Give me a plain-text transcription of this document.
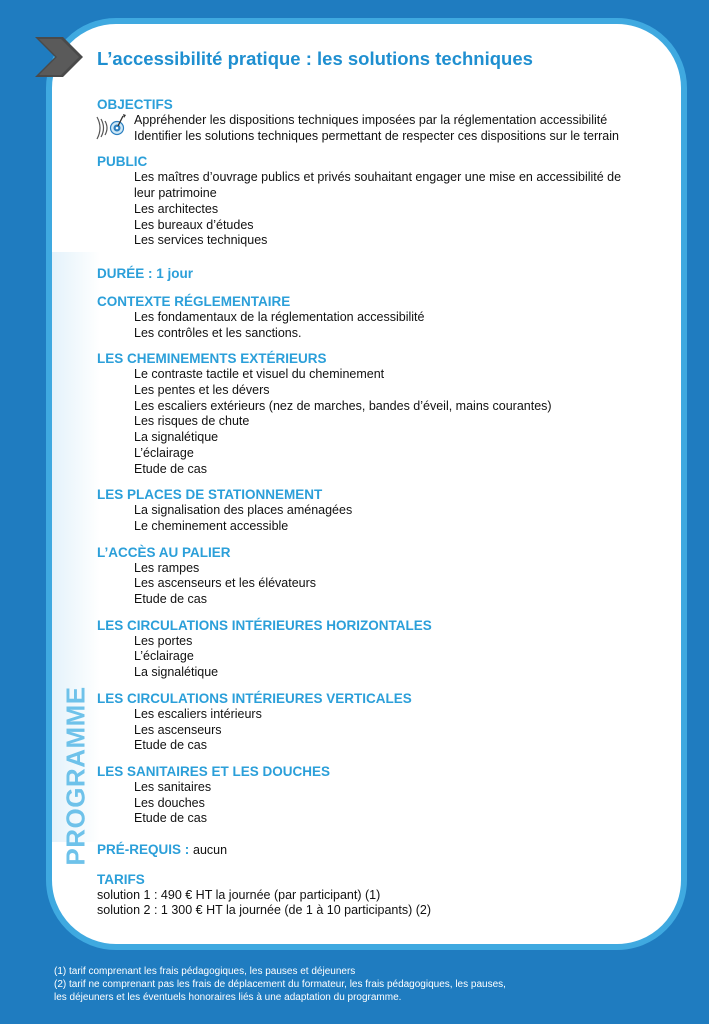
PROGRAMME
L’accessibilité pratique : les solutions techniques
OBJECTIFS
Appréhender les dispositions techniques imposées par la réglementation accessibilité
Identifier les solutions techniques permettant de respecter ces dispositions sur le terrain
PUBLIC
Les maîtres d’ouvrage publics et privés souhaitant engager une mise en accessibilité de
leur patrimoine
Les architectes
Les bureaux d’études
Les services techniques
DURÉE : 1 jour
CONTEXTE RÉGLEMENTAIRE
Les fondamentaux de la réglementation accessibilité
Les contrôles et les sanctions.
LES CHEMINEMENTS EXTÉRIEURS
Le contraste tactile et visuel du cheminement
Les pentes et les dévers
Les escaliers extérieurs (nez de marches, bandes d’éveil, mains courantes)
Les risques de chute
La signalétique
L’éclairage
Etude de cas
LES PLACES DE STATIONNEMENT
La signalisation des places aménagées
Le cheminement accessible
L’ACCÈS AU PALIER
Les rampes
Les ascenseurs et les élévateurs
Etude de cas
LES CIRCULATIONS INTÉRIEURES HORIZONTALES
Les portes
L’éclairage
La signalétique
LES CIRCULATIONS INTÉRIEURES VERTICALES
Les escaliers intérieurs
Les ascenseurs
Etude de cas
LES SANITAIRES ET LES DOUCHES
Les sanitaires
Les douches
Etude de cas
PRÉ-REQUIS : aucun
TARIFS
solution 1 : 490 € HT la journée (par participant) (1)
solution 2 : 1 300 € HT la journée (de 1 à 10 participants) (2)
(1) tarif comprenant les frais pédagogiques, les pauses et déjeuners
(2) tarif ne comprenant pas les frais de déplacement du formateur, les frais pédagogiques, les pauses,
les déjeuners et les éventuels honoraires liés à une adaptation du programme.
